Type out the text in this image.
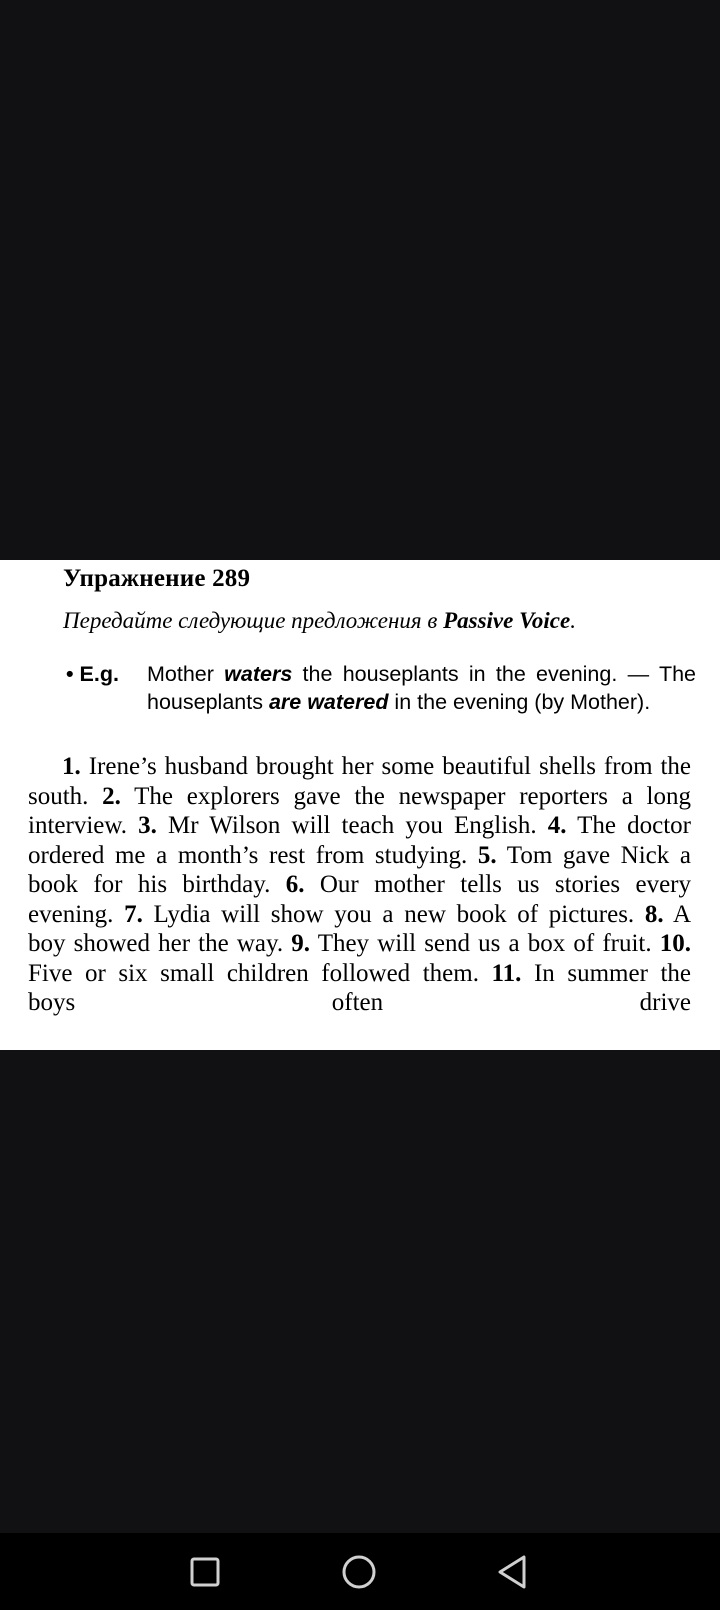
Упражнение 289
Передайте следующие предложения в Passive Voice.
• E.g. Mother waters the houseplants in the evening. — The houseplants are watered in the evening (by Mother).
1. Irene’s husband brought her some beautiful shells from the south. 2. The explorers gave the newspaper reporters a long interview. 3. Mr Wilson will teach you English. 4. The doctor ordered me a month’s rest from studying. 5. Tom gave Nick a book for his birthday. 6. Our mother tells us stories every evening. 7. Lydia will show you a new book of pictures. 8. A boy showed her the way. 9. They will send us a box of fruit. 10. Five or six small children followed them. 11. In summer the boys often drive
